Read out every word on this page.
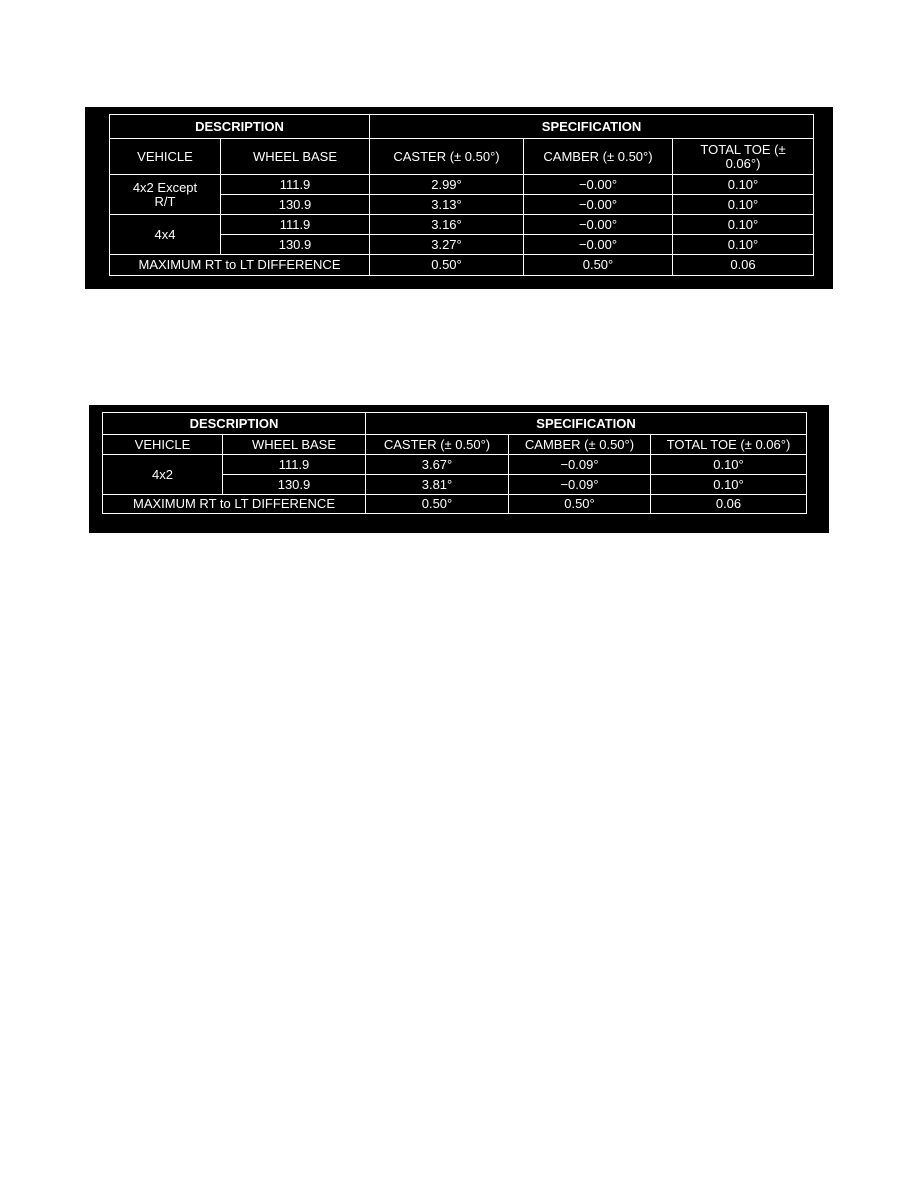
DESCRIPTION		SPECIFICATION		
VEHICLE	WHEEL BASE	CASTER (± 0.50°)	CAMBER (± 0.50°)	TOTAL TOE (± 0.06°)
4x2 Except R/T	111.9	2.99°	−0.00°	0.10°
	130.9	3.13°	−0.00°	0.10°
4x4	111.9	3.16°	−0.00°	0.10°
	130.9	3.27°	−0.00°	0.10°
MAXIMUM RT to LT DIFFERENCE		0.50°	0.50°	0.06
DESCRIPTION		SPECIFICATION		
VEHICLE	WHEEL BASE	CASTER (± 0.50°)	CAMBER (± 0.50°)	TOTAL TOE (± 0.06°)
4x2	111.9	3.67°	−0.09°	0.10°
	130.9	3.81°	−0.09°	0.10°
MAXIMUM RT to LT DIFFERENCE		0.50°	0.50°	0.06
